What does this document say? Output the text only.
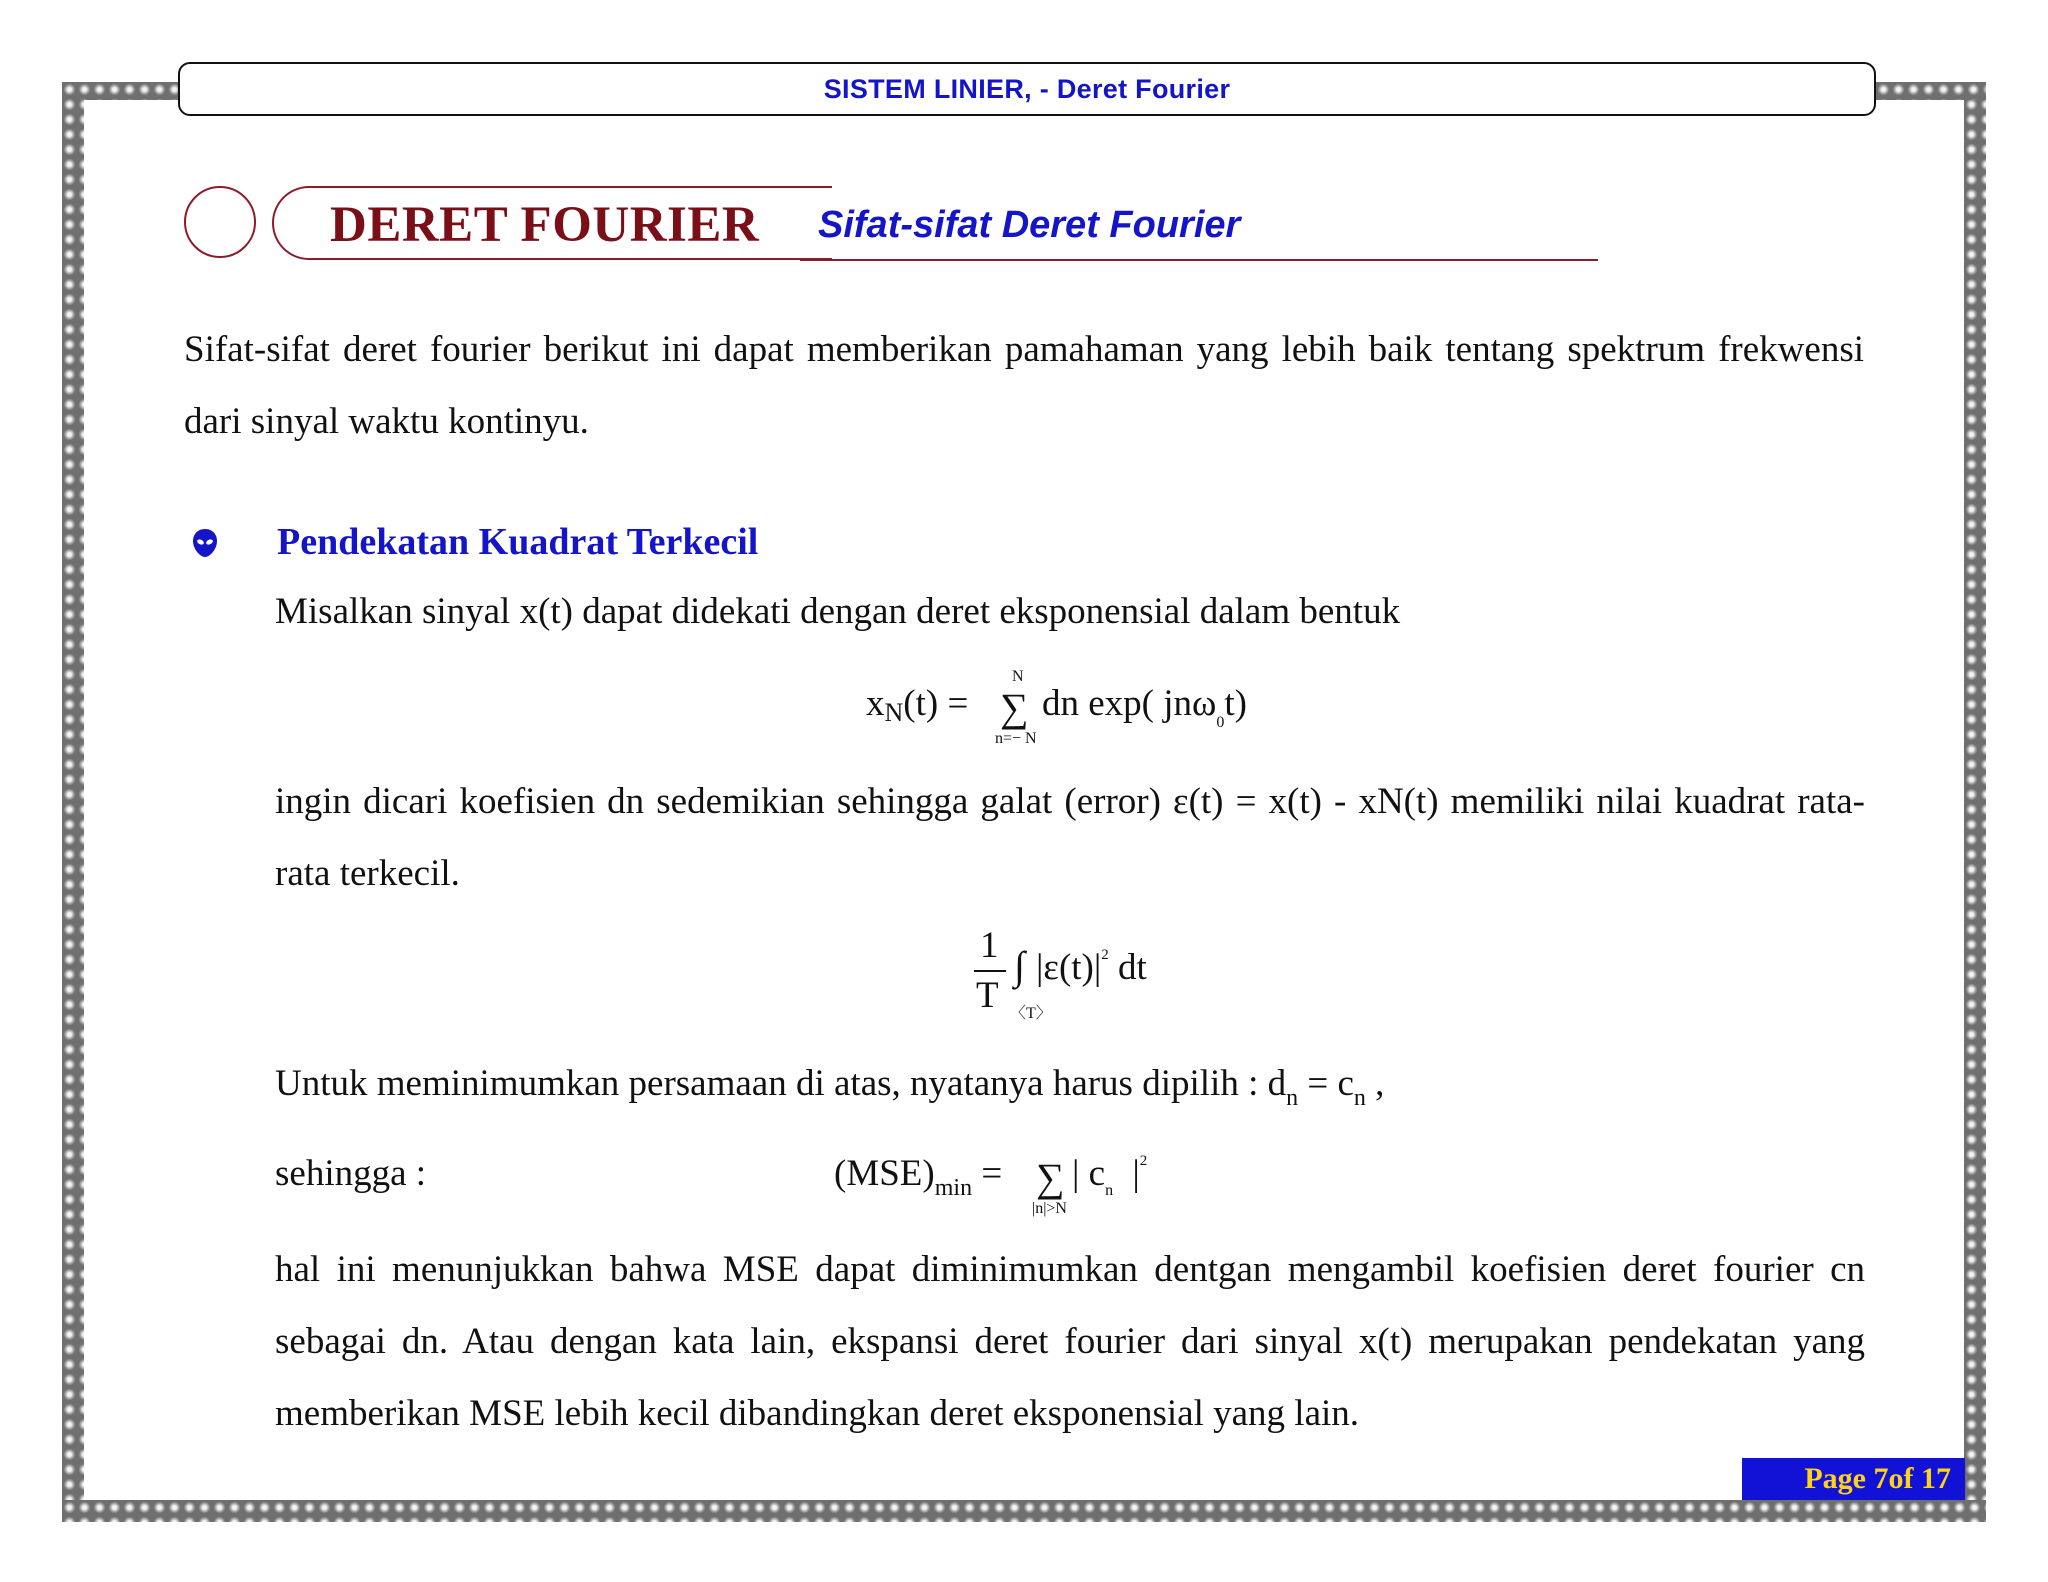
SISTEM LINIER, - Deret Fourier
DERET FOURIER Sifat-sifat Deret Fourier
Sifat-sifat deret fourier berikut ini dapat memberikan pamahaman yang lebih baik tentang spektrum frekwensi dari sinyal waktu kontinyu.
Pendekatan Kuadrat Terkecil
Misalkan sinyal x(t) dapat didekati dengan deret eksponensial dalam bentuk
xN(t) =
N
∑
n=− N
dn exp( jnω$_0$t)
ingin dicari koefisien dn sedemikian sehingga galat (error) ε(t) = x(t) - xN(t) memiliki nilai kuadrat rata-rata terkecil.
1
T
∫
〈T〉
$|\varepsilon(t)|^2$ dt
Untuk meminimumkan persamaan di atas, nyatanya harus dipilih : $d_n = c_n$ ,
sehingga :	$(MSE)_{min}$ = ∑
|n|>N
| $c_n$ $|^2$
hal ini menunjukkan bahwa MSE dapat diminimumkan dentgan mengambil koefisien deret fourier cn sebagai dn. Atau dengan kata lain, ekspansi deret fourier dari sinyal x(t) merupakan pendekatan yang memberikan MSE lebih kecil dibandingkan deret eksponensial yang lain.
Page 7of 17
